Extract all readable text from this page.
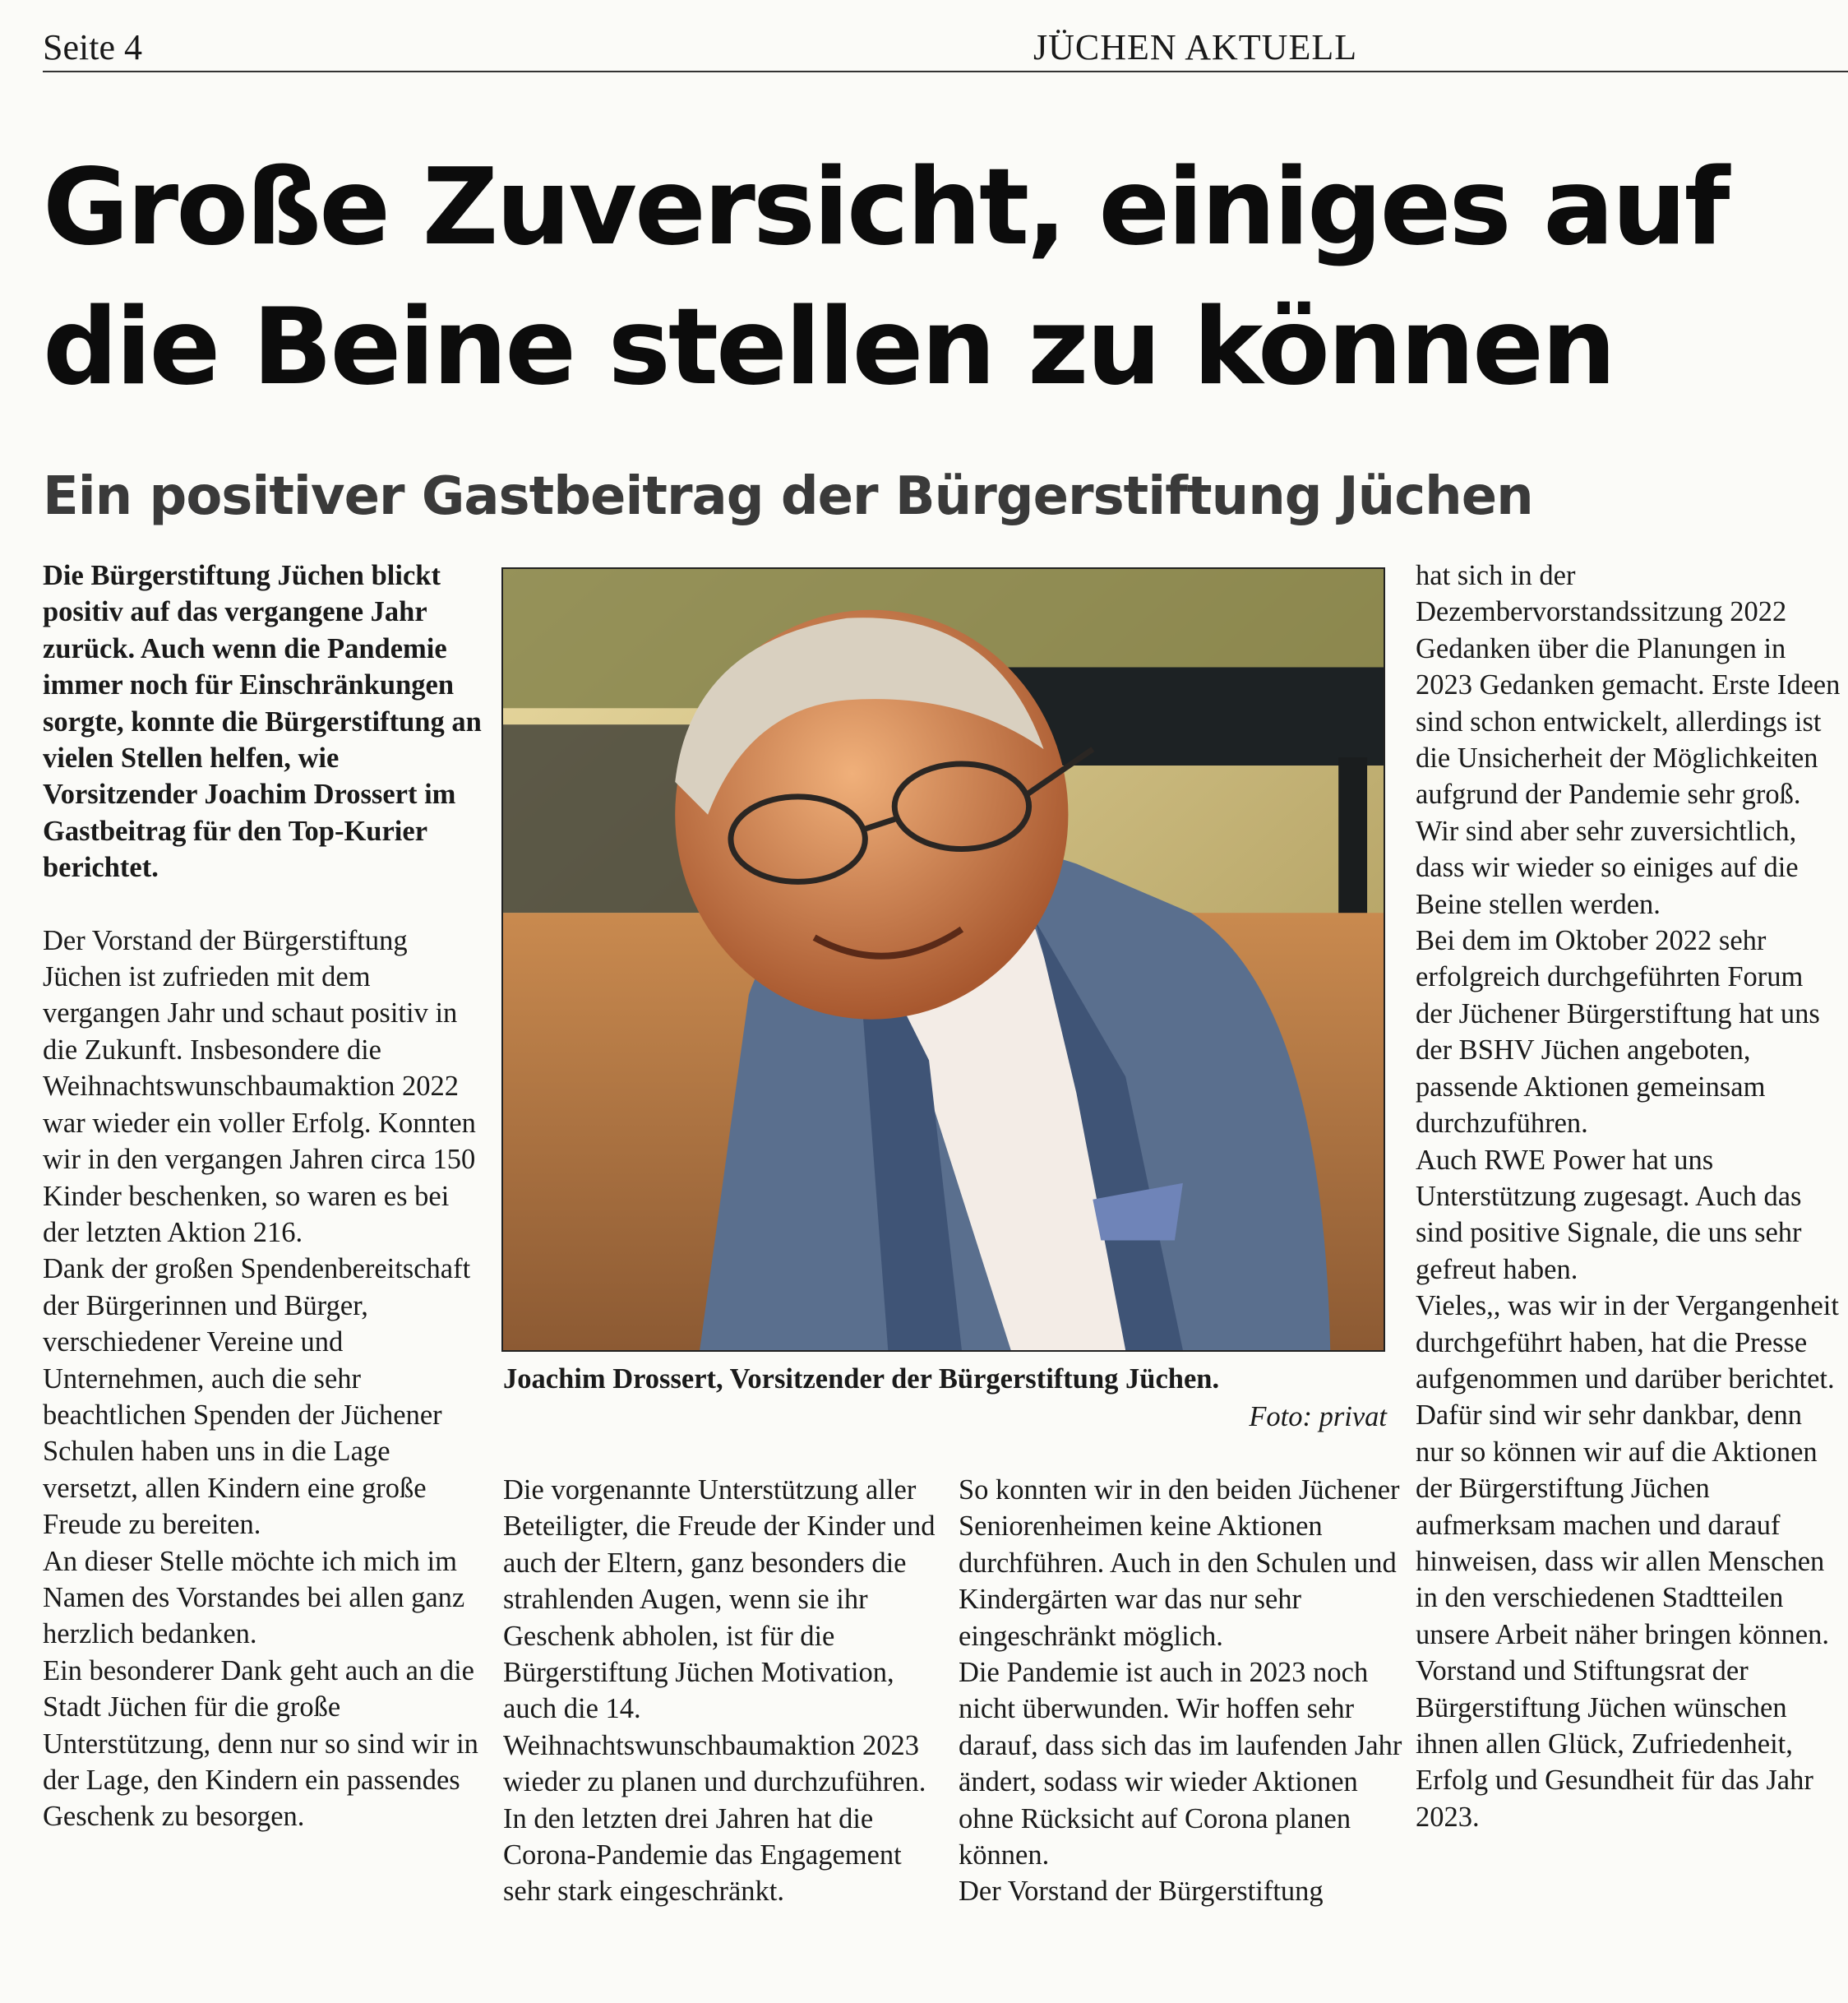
Seite 4	JÜCHEN AKTUELL
Große Zuversicht, einiges auf
die Beine stellen zu können
Ein positiver Gastbeitrag der Bürgerstiftung Jüchen

Die Bürgerstiftung Jüchen blickt positiv auf das vergangene Jahr zurück. Auch wenn die Pandemie immer noch für Einschränkungen sorgte, konnte die Bürgerstiftung an vielen Stellen helfen, wie Vorsitzender Joachim Drossert im Gastbeitrag für den Top-Kurier berichtet.

Der Vorstand der Bürgerstiftung Jüchen ist zufrieden mit dem vergangen Jahr und schaut positiv in die Zukunft. Insbesondere die Weihnachtswunschbaumaktion 2022 war wieder ein voller Erfolg. Konnten wir in den vergangen Jahren circa 150 Kinder beschenken, so waren es bei der letzten Aktion 216.

Dank der großen Spendenbereitschaft der Bürgerinnen und Bürger, verschiedener Vereine und Unternehmen, auch die sehr beachtlichen Spenden der Jüchener Schulen haben uns in die Lage versetzt, allen Kindern eine große Freude zu bereiten.

An dieser Stelle möchte ich mich im Namen des Vorstandes bei allen ganz herzlich bedanken.

Ein besonderer Dank geht auch an die Stadt Jüchen für die große Unterstützung, denn nur so sind wir in der Lage, den Kindern ein passendes Geschenk zu besorgen.

Joachim Drossert, Vorsitzender der Bürgerstiftung Jüchen.

Foto: privat

Die vorgenannte Unterstützung aller Beteiligter, die Freude der Kinder und auch der Eltern, ganz besonders die strahlenden Augen, wenn sie ihr Geschenk abholen, ist für die Bürgerstiftung Jüchen Motivation, auch die 14. Weihnachtswunschbaumaktion 2023 wieder zu planen und durchzuführen.

In den letzten drei Jahren hat die Corona-Pandemie das Engagement sehr stark eingeschränkt.

So konnten wir in den beiden Jüchener Seniorenheimen keine Aktionen durchführen. Auch in den Schulen und Kindergärten war das nur sehr eingeschränkt möglich.

Die Pandemie ist auch in 2023 noch nicht überwunden. Wir hoffen sehr darauf, dass sich das im laufenden Jahr ändert, sodass wir wieder Aktionen ohne Rücksicht auf Corona planen können.

Der Vorstand der Bürgerstiftung

hat sich in der Dezembervorstandssitzung 2022 Gedanken über die Planungen in 2023 Gedanken gemacht. Erste Ideen sind schon entwickelt, allerdings ist die Unsicherheit der Möglichkeiten aufgrund der Pandemie sehr groß. Wir sind aber sehr zuversichtlich, dass wir wieder so einiges auf die Beine stellen werden.

Bei dem im Oktober 2022 sehr erfolgreich durchgeführten Forum der Jüchener Bürgerstiftung hat uns der BSHV Jüchen angeboten, passende Aktionen gemeinsam durchzuführen.

Auch RWE Power hat uns Unterstützung zugesagt. Auch das sind positive Signale, die uns sehr gefreut haben.

Vieles,, was wir in der Vergangenheit durchgeführt haben, hat die Presse aufgenommen und darüber berichtet. Dafür sind wir sehr dankbar, denn nur so können wir auf die Aktionen der Bürgerstiftung Jüchen aufmerksam machen und darauf hinweisen, dass wir allen Menschen in den verschiedenen Stadtteilen unsere Arbeit näher bringen können.

Vorstand und Stiftungsrat der Bürgerstiftung Jüchen wünschen ihnen allen Glück, Zufriedenheit, Erfolg und Gesundheit für das Jahr 2023.
